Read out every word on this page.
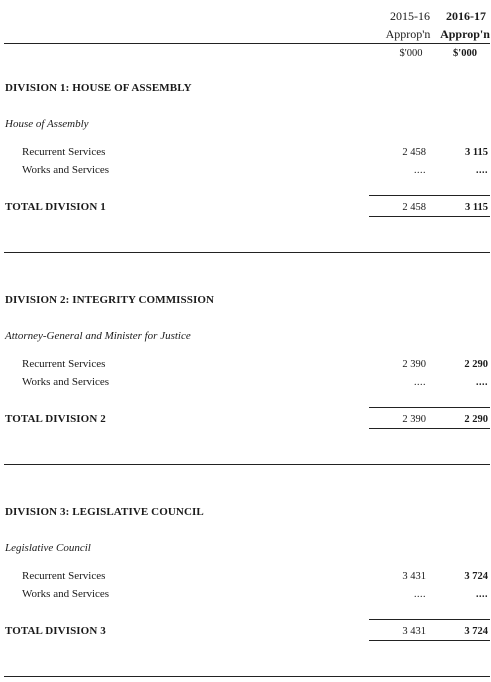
2015-16	2016-17
Approp'n Approp'n
$'000	$'000
DIVISION 1: HOUSE OF ASSEMBLY
House of Assembly
Recurrent Services	2 458	3 115
Works and Services	....	....
TOTAL DIVISION 1	2 458	3 115
DIVISION 2: INTEGRITY COMMISSION
Attorney-General and Minister for Justice
Recurrent Services	2 390	2 290
Works and Services	....	....
TOTAL DIVISION 2	2 390	2 290
DIVISION 3: LEGISLATIVE COUNCIL
Legislative Council
Recurrent Services	3 431	3 724
Works and Services	....	....
TOTAL DIVISION 3	3 431	3 724
